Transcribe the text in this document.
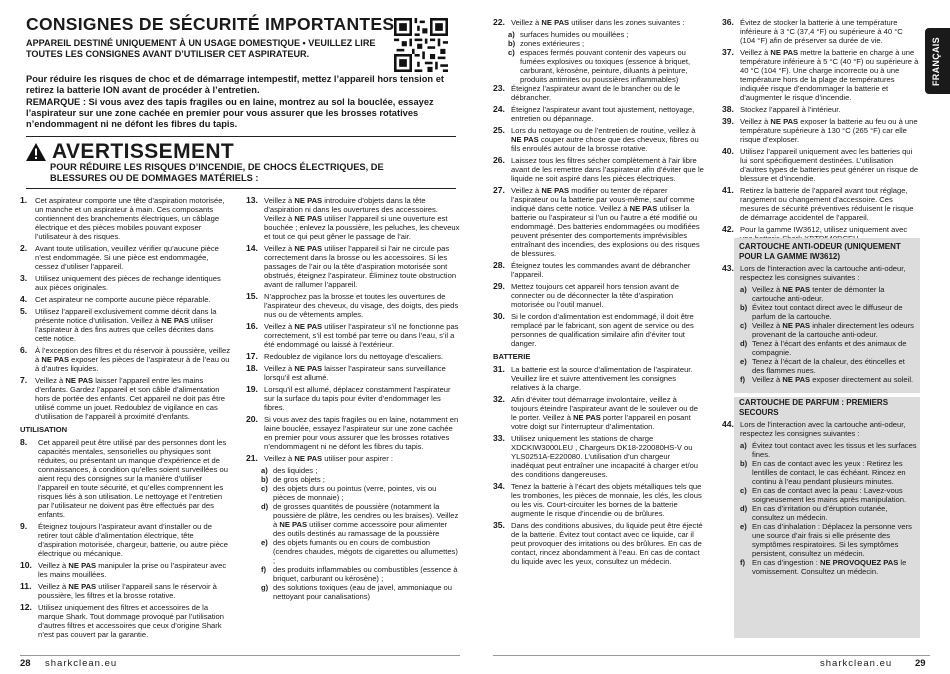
CONSIGNES DE SÉCURITÉ IMPORTANTES
APPAREIL DESTINÉ UNIQUEMENT À UN USAGE DOMESTIQUE • VEUILLEZ LIRE TOUTES LES CONSIGNES AVANT D’UTILISER CET ASPIRATEUR.
Pour réduire les risques de choc et de démarrage intempestif, mettez l’appareil hors tension et retirez la batterie ION avant de procéder à l’entretien.
REMARQUE : Si vous avez des tapis fragiles ou en laine, montrez au sol la bouclée, essayez l’aspirateur sur une zone cachée en premier pour vous assurer que les brosses rotatives n’endommagent ni ne défont les fibres du tapis.
AVERTISSEMENT
POUR RÉDUIRE LES RISQUES D’INCENDIE, DE CHOCS ÉLECTRIQUES, DE BLESSURES OU DE DOMMAGES MATÉRIELS :
1.	Cet aspirateur comporte une tête d’aspiration motorisée, un manche et un aspirateur à main. Ces composants contiennent des branchements électriques, un câblage électrique et des pièces mobiles pouvant exposer l’utilisateur à des risques.
2.	Avant toute utilisation, veuillez vérifier qu’aucune pièce n’est endommagée. Si une pièce est endommagée, cessez d’utiliser l’appareil.
3.	Utilisez uniquement des pièces de rechange identiques aux pièces originales.
4.	Cet aspirateur ne comporte aucune pièce réparable.
5.	Utilisez l’appareil exclusivement comme décrit dans la présente notice d’utilisation. Veillez à NE PAS utiliser l’aspirateur à des fins autres que celles décrites dans cette notice.
6.	À l’exception des filtres et du réservoir à poussière, veillez à NE PAS exposer les pièces de l’aspirateur à de l’eau ou à d’autres liquides.
7.	Veillez à NE PAS laisser l’appareil entre les mains d’enfants. Gardez l’appareil et son câble d’alimentation hors de portée des enfants. Cet appareil ne doit pas être utilisé comme un jouet. Redoublez de vigilance en cas d’utilisation de l’appareil à proximité d’enfants.
UTILISATION
8.	Cet appareil peut être utilisé par des personnes dont les capacités mentales, sensorielles ou physiques sont réduites, ou présentant un manque d’expérience et de connaissances, à condition qu’elles soient surveillées ou aient reçu des consignes sur la manière d’utiliser l’appareil en toute sécurité, et qu’elles comprennent les risques liés à son utilisation. Le nettoyage et l’entretien par l’utilisateur ne doivent pas être effectués par des enfants.
9.	Éteignez toujours l’aspirateur avant d’installer ou de retirer tout câble d’alimentation électrique, tête d’aspiration motorisée, chargeur, batterie, ou autre pièce électrique ou mécanique.
10. Veillez à NE PAS manipuler la prise ou l’aspirateur avec les mains mouillées.
11. Veillez à NE PAS utiliser l’appareil sans le réservoir à poussière, les filtres et la brosse rotative.
12. Utilisez uniquement des filtres et accessoires de la marque Shark. Tout dommage provoqué par l’utilisation d’autres filtres et accessoires que ceux d’origine Shark n’est pas couvert par la garantie.
13. Veillez à NE PAS introduire d’objets dans la tête d’aspiration ni dans les ouvertures des accessoires. Veillez à NE PAS utiliser l’appareil si une ouverture est bouchée ; enlevez la poussière, les peluches, les cheveux et tout ce qui peut gêner le passage de l’air.
14. Veillez à NE PAS utiliser l’appareil si l’air ne circule pas correctement dans la brosse ou les accessoires. Si les passages de l’air ou la tête d’aspiration motorisée sont obstrués, éteignez l’aspirateur. Éliminez toute obstruction avant de rallumer l’appareil.
15. N’approchez pas la brosse et toutes les ouvertures de l’aspirateur des cheveux, du visage, des doigts, des pieds nus ou de vêtements amples.
16. Veillez à NE PAS utiliser l’aspirateur s’il ne fonctionne pas correctement, s’il est tombé par terre ou dans l’eau, s’il a été endommagé ou laissé à l’extérieur.
17. Redoublez de vigilance lors du nettoyage d’escaliers.
18. Veillez à NE PAS laisser l’aspirateur sans surveillance lorsqu’il est allumé.
19. Lorsqu’il est allumé, déplacez constamment l’aspirateur sur la surface du tapis pour éviter d’endommager les fibres.
20. Si vous avez des tapis fragiles ou en laine, notamment en laine bouclée, essayez l’aspirateur sur une zone cachée en premier pour vous assurer que les brosses rotatives n’endommagent ni ne défont les fibres du tapis.
21. Veillez à NE PAS utiliser pour aspirer :
a) des liquides ;
b) de gros objets ;
c) des objets durs ou pointus (verre, pointes, vis ou pièces de monnaie) ;
d) de grosses quantités de poussière (notamment la poussière de plâtre, les cendres ou les braises). Veillez à NE PAS utiliser comme accessoire pour alimenter des outils destinés au ramassage de la poussière
e) des objets fumants ou en cours de combustion (cendres chaudes, mégots de cigarettes ou allumettes) ;
f) des produits inflammables ou combustibles (essence à briquet, carburant ou kérosène) ;
g) des solutions toxiques (eau de javel, ammoniaque ou nettoyant pour canalisations)
28 sharkclean.eu
22. Veillez à NE PAS utiliser dans les zones suivantes :
a) surfaces humides ou mouillées ;
b) zones extérieures ;
c) espaces fermés pouvant contenir des vapeurs ou fumées explosives ou toxiques (essence à briquet, carburant, kérosène, peinture, diluants à peinture, produits antimites ou poussières inflammables)
23. Éteignez l’aspirateur avant de le brancher ou de le débrancher.
24. Éteignez l’aspirateur avant tout ajustement, nettoyage, entretien ou dépannage.
25. Lors du nettoyage ou de l’entretien de routine, veillez à NE PAS couper autre chose que des cheveux, fibres ou fils enroulés autour de la brosse rotative.
26. Laissez tous les filtres sécher complètement à l’air libre avant de les remettre dans l’aspirateur afin d’éviter que le liquide ne soit aspiré dans les pièces électriques.
27. Veillez à NE PAS modifier ou tenter de réparer l’aspirateur ou la batterie par vous-même, sauf comme indiqué dans cette notice. Veillez à NE PAS utiliser la batterie ou l’aspirateur si l’un ou l’autre a été modifié ou endommagé. Des batteries endommagées ou modifiées peuvent présenter des comportements imprévisibles entraînant des incendies, des explosions ou des risques de blessures.
28. Éteignez toutes les commandes avant de débrancher l’appareil.
29. Mettez toujours cet appareil hors tension avant de connecter ou de déconnecter la tête d’aspiration motorisée ou l’outil manuel.
30. Si le cordon d’alimentation est endommagé, il doit être remplacé par le fabricant, son agent de service ou des personnes de qualification similaire afin d’éviter tout danger.
BATTERIE
31. La batterie est la source d’alimentation de l’aspirateur. Veuillez lire et suivre attentivement les consignes relatives à la charge.
32. Afin d’éviter tout démarrage involontaire, veillez à toujours éteindre l’aspirateur avant de le soulever ou de le porter. Veillez à NE PAS porter l’appareil en posant votre doigt sur l’interrupteur d’alimentation.
33. Utilisez uniquement les stations de charge XDCKIW3000LEU , Chargeurs DK18-220080HS-V ou YLS0251A-E220080. L’utilisation d’un chargeur inadéquat peut entraîner une incapacité à charger et/ou des conditions dangereuses.
34. Tenez la batterie à l’écart des objets métalliques tels que les trombones, les pièces de monnaie, les clés, les clous ou les vis. Court-circuiter les bornes de la batterie augmente le risque d’incendie ou de brûlures.
35. Dans des conditions abusives, du liquide peut être éjecté de la batterie. Évitez tout contact avec ce liquide, car il peut provoquer des irritations ou des brûlures. En cas de contact, rincez abondamment à l’eau. En cas de contact du liquide avec les yeux, consultez un médecin.
36. Évitez de stocker la batterie à une température inférieure à 3 °C (37,4 °F) ou supérieure à 40 °C (104 °F) afin de préserver sa durée de vie.
37. Veillez à NE PAS mettre la batterie en charge à une température inférieure à 5 °C (40 °F) ou supérieure à 40 °C (104 °F). Une charge incorrecte ou à une température hors de la plage de températures indiquée risque d’endommager la batterie et d’augmenter le risque d’incendie.
38. Stockez l’appareil à l’intérieur.
39. Veillez à NE PAS exposer la batterie au feu ou à une température supérieure à 130 °C (265 °F) car elle risque d’exploser.
40. Utilisez l’appareil uniquement avec les batteries qui lui sont spécifiquement destinées. L’utilisation d’autres types de batteries peut générer un risque de blessure et d’incendie.
41. Retirez la batterie de l’appareil avant tout réglage, rangement ou changement d’accessoire. Ces mesures de sécurité préventives réduisent le risque de démarrage accidentel de l’appareil.
42. Pour la gamme IW3612, utilisez uniquement avec
CARTOUCHE ANTI-ODEUR (UNIQUEMENT POUR LA GAMME IW3612)
43. Lors de l’interaction avec la cartouche anti-odeur, respectez les consignes suivantes :
a) Veillez à NE PAS tenter de démonter la cartouche anti-odeur.
b) Évitez tout contact direct avec le diffuseur de parfum de la cartouche.
c) Veillez à NE PAS inhaler directement les odeurs provenant de la cartouche anti-odeur.
d) Tenez à l’écart des enfants et des animaux de compagnie.
e) Tenez à l’écart de la chaleur, des étincelles et des flammes nues.
f) Veillez à NE PAS exposer directement au soleil.
CARTOUCHE DE PARFUM : PREMIERS SECOURS
44. Lors de l’interaction avec la cartouche anti-odeur, respectez les consignes suivantes :
a) Évitez tout contact avec les tissus et les surfaces fines.
b) En cas de contact avec les yeux : Retirez les lentilles de contact, le cas échéant. Rincez en continu à l’eau pendant plusieurs minutes.
c) En cas de contact avec la peau : Lavez-vous soigneusement les mains après manipulation.
d) En cas d’irritation ou d’éruption cutanée, consultez un médecin.
e) En cas d’inhalation : Déplacez la personne vers une source d’air frais si elle présente des symptômes respiratoires. Si les symptômes persistent, consultez un médecin.
f) En cas d’ingestion : NE PROVOQUEZ PAS le vomissement. Consultez un médecin.
FRANÇAIS
sharkclean.eu 29
